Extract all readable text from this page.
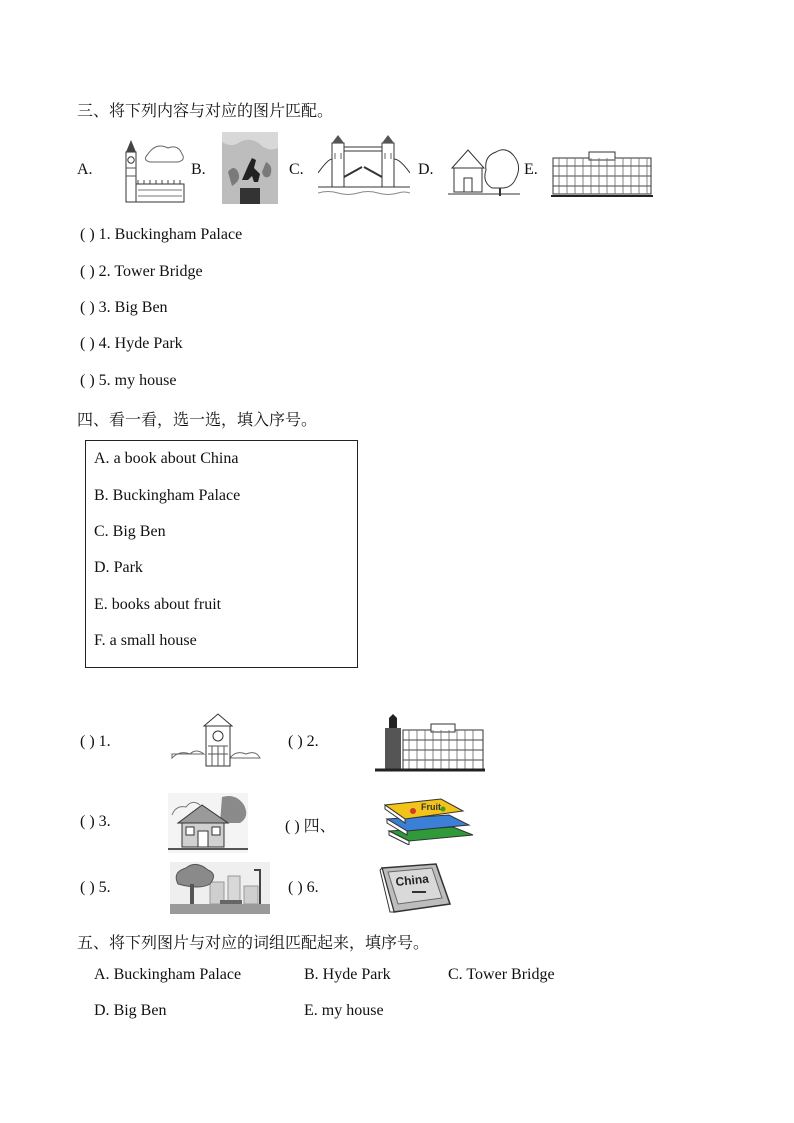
三、将下列内容与对应的图片匹配。
A.	B.	C.	D.	E.
( ) 1. Buckingham Palace
( ) 2. Tower Bridge
( ) 3. Big Ben
( ) 4. Hyde Park
( ) 5. my house
四、看一看，选一选，填入序号。
A. a book about China
B. Buckingham Palace
C. Big Ben
D. Park
E. books about fruit
F. a small house
( ) 1.	( ) 2.
( ) 3.	( ) 四、
Fruit
( ) 5.	( ) 6.	China
五、将下列图片与对应的词组匹配起来，填序号。
A. Buckingham Palace	B. Hyde Park	C. Tower Bridge
D. Big Ben	E. my house
